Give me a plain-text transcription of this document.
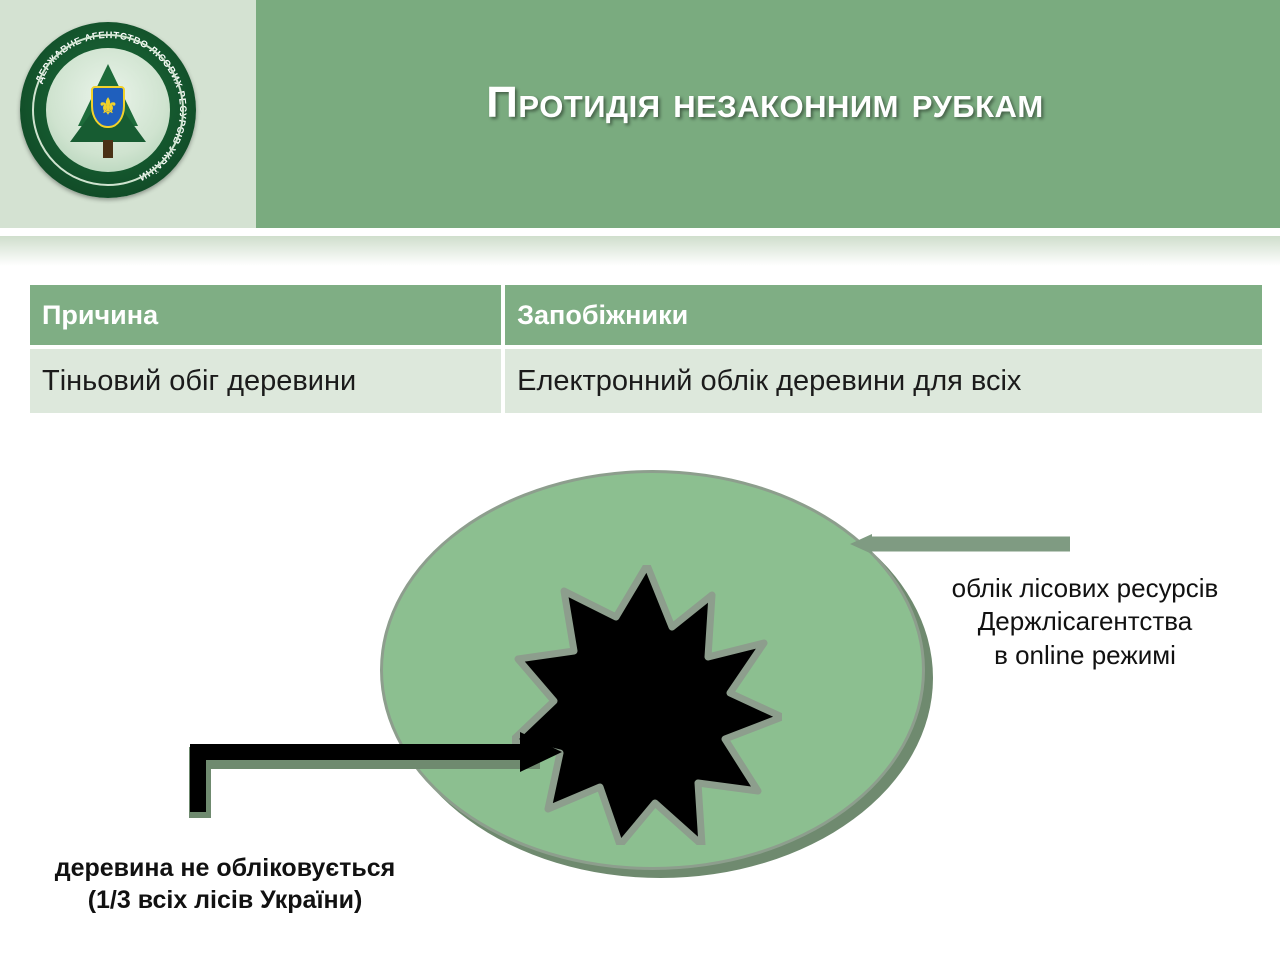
ДЕРЖАВНЕ АГЕНТСТВО ЛІСОВИХ РЕСУРСІВ УКРАЇНИ
⚜	Протидія незаконним рубкам
Причина	Запобіжники
Тіньовий обіг деревини	Електронний облік деревини для всіх
облік лісових ресурсів
Держлісагентства
в online режимі
деревина не обліковується
(1/3 всіх лісів України)
